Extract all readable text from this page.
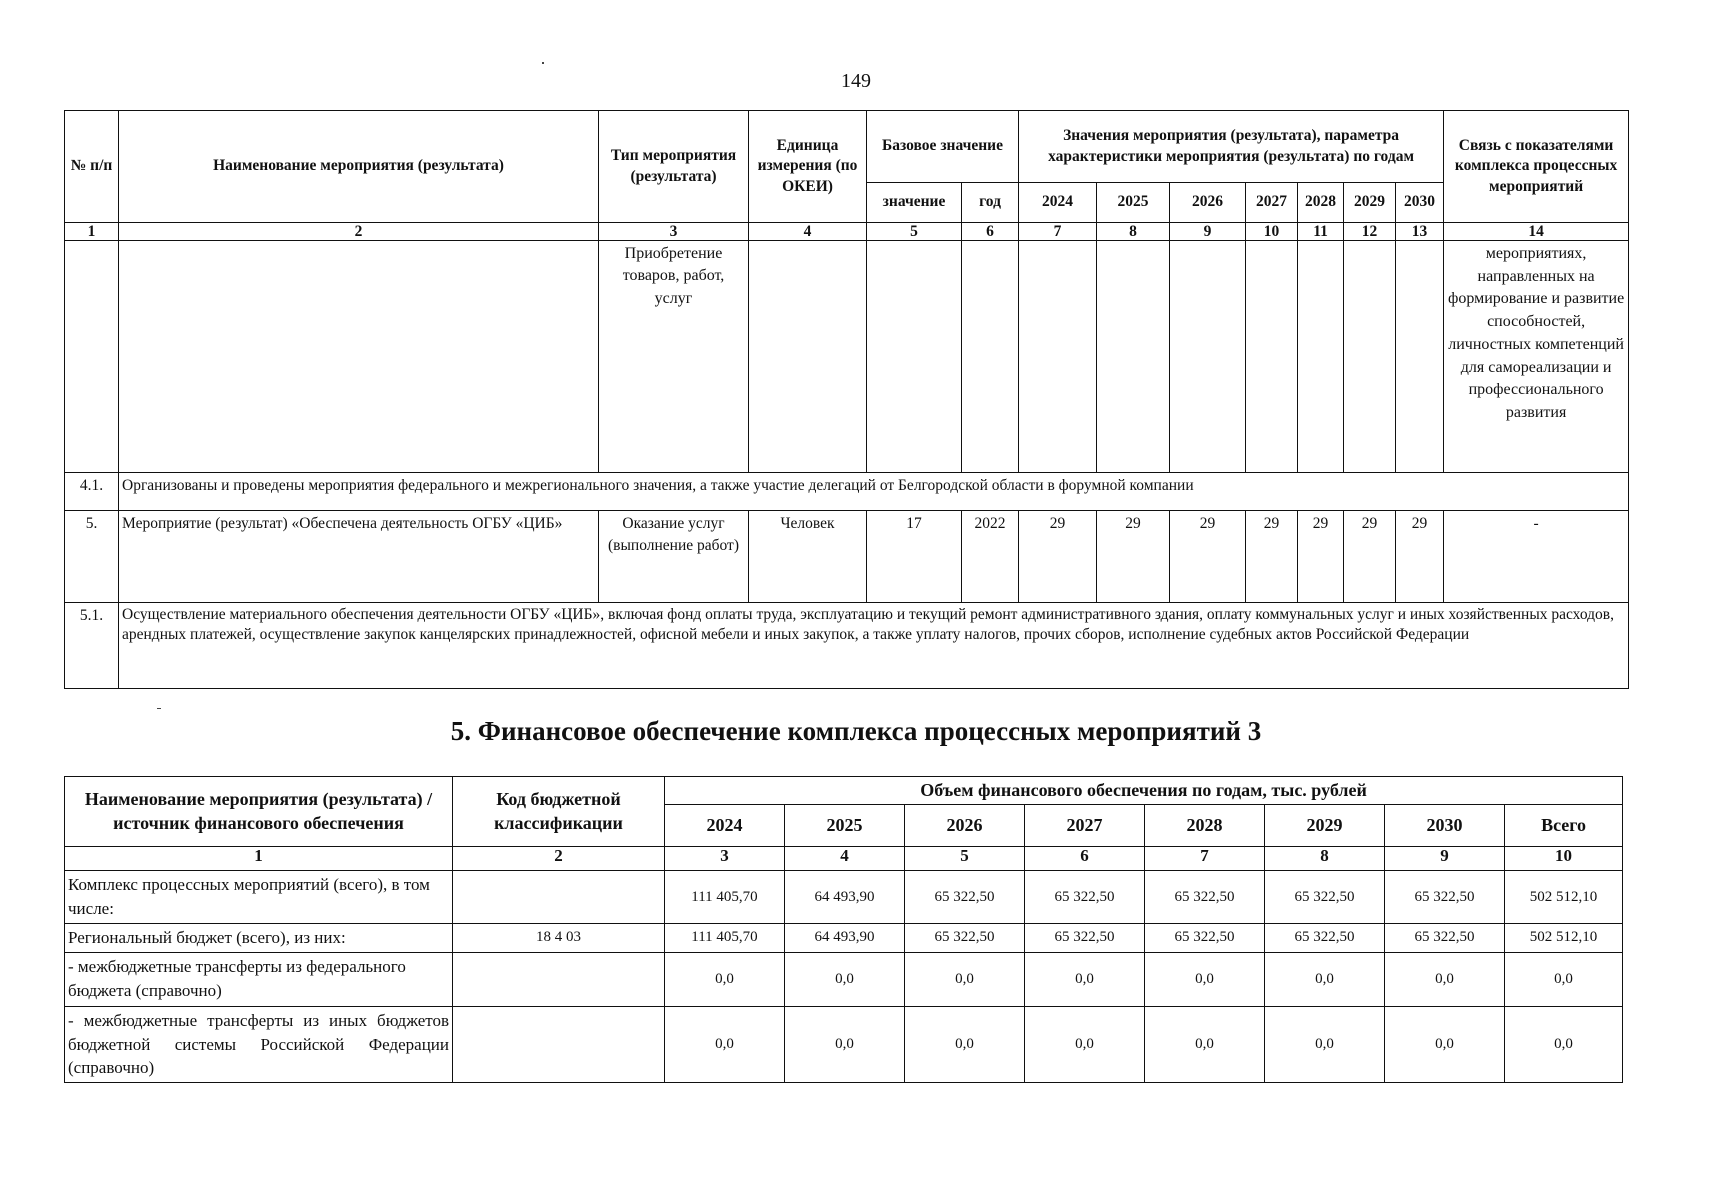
149
№ п/п	Наименование мероприятия (результата)	Тип мероприятия (результата)	Единица измерения (по ОКЕИ)	Базовое значение		Значения мероприятия (результата), параметра характеристики мероприятия (результата) по годам							Связь с показателями комплекса процессных мероприятий
				значение	год	2024	2025	2026	2027	2028	2029	2030	
1	2	3	4	5	6	7	8	9	10	11	12	13	14
		Приобретение товаров, работ, услуг											мероприятиях, направленных на формирование и развитие способностей, личностных компетенций для самореализации и профессионального развития
4.1.	Организованы и проведены мероприятия федерального и межрегионального значения, а также участие делегаций от Белгородской области в форумной компании												
5.	Мероприятие (результат) «Обеспечена деятельность ОГБУ «ЦИБ»	Оказание услуг (выполнение работ)	Человек	17	2022	29	29	29	29	29	29	29	-
5.1.	Осуществление материального обеспечения деятельности ОГБУ «ЦИБ», включая фонд оплаты труда, эксплуатацию и текущий ремонт административного здания, оплату коммунальных услуг и иных хозяйственных расходов, арендных платежей, осуществление закупок канцелярских принадлежностей, офисной мебели и иных закупок, а также уплату налогов, прочих сборов, исполнение судебных актов Российской Федерации												
5. Финансовое обеспечение комплекса процессных мероприятий 3
Наименование мероприятия (результата) /источник финансового обеспечения	Код бюджетной классификации	Объем финансового обеспечения по годам, тыс. рублей							
		2024	2025	2026	2027	2028	2029	2030	Всего
1	2	3	4	5	6	7	8	9	10
Комплекс процессных мероприятий (всего), в том числе:		111 405,70	64 493,90	65 322,50	65 322,50	65 322,50	65 322,50	65 322,50	502 512,10
Региональный бюджет (всего), из них:	18 4 03	111 405,70	64 493,90	65 322,50	65 322,50	65 322,50	65 322,50	65 322,50	502 512,10
- межбюджетные трансферты из федерального бюджета (справочно)		0,0	0,0	0,0	0,0	0,0	0,0	0,0	0,0
- межбюджетные трансферты из иных бюджетов бюджетной системы Российской Федерации (справочно)		0,0	0,0	0,0	0,0	0,0	0,0	0,0	0,0
